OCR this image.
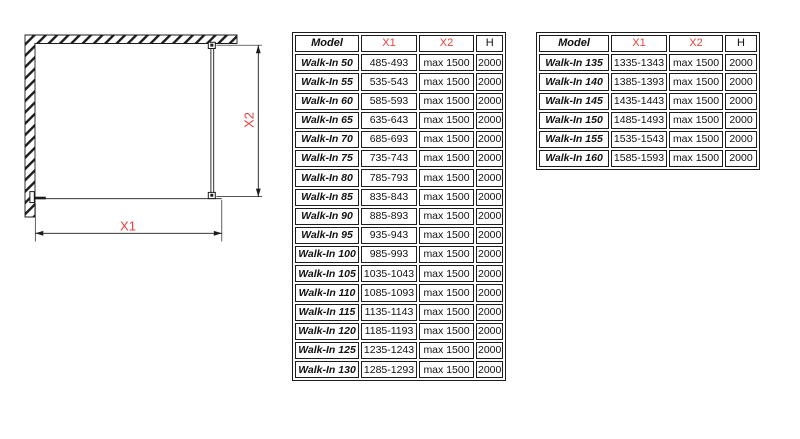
X1
X2
Model	X1	X2	H
Walk-In 50	485-493	max 1500	2000
Walk-In 55	535-543	max 1500	2000
Walk-In 60	585-593	max 1500	2000
Walk-In 65	635-643	max 1500	2000
Walk-In 70	685-693	max 1500	2000
Walk-In 75	735-743	max 1500	2000
Walk-In 80	785-793	max 1500	2000
Walk-In 85	835-843	max 1500	2000
Walk-In 90	885-893	max 1500	2000
Walk-In 95	935-943	max 1500	2000
Walk-In 100	985-993	max 1500	2000
Walk-In 105	1035-1043	max 1500	2000
Walk-In 110	1085-1093	max 1500	2000
Walk-In 115	1135-1143	max 1500	2000
Walk-In 120	1185-1193	max 1500	2000
Walk-In 125	1235-1243	max 1500	2000
Walk-In 130	1285-1293	max 1500	2000
Model	X1	X2	H
Walk-In 135	1335-1343	max 1500	2000
Walk-In 140	1385-1393	max 1500	2000
Walk-In 145	1435-1443	max 1500	2000
Walk-In 150	1485-1493	max 1500	2000
Walk-In 155	1535-1543	max 1500	2000
Walk-In 160	1585-1593	max 1500	2000
